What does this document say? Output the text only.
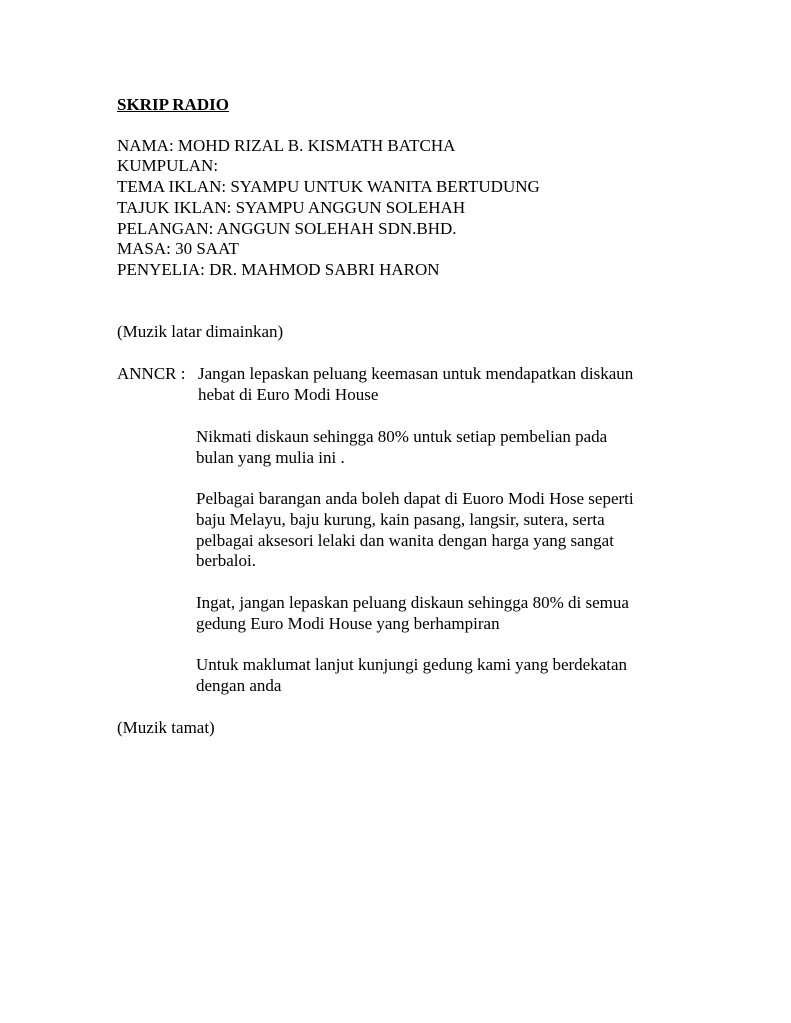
SKRIP RADIO
NAMA: MOHD RIZAL B. KISMATH BATCHA
KUMPULAN:
TEMA IKLAN: SYAMPU UNTUK WANITA BERTUDUNG
TAJUK IKLAN: SYAMPU ANGGUN SOLEHAH
PELANGAN: ANGGUN SOLEHAH SDN.BHD.
MASA: 30 SAAT
PENYELIA: DR. MAHMOD SABRI HARON
(Muzik latar dimainkan)
ANNCR : Jangan lepaskan peluang keemasan untuk mendapatkan diskaun
hebat di Euro Modi House
Nikmati diskaun sehingga 80% untuk setiap pembelian pada
bulan yang mulia ini .
Pelbagai barangan anda boleh dapat di Euoro Modi Hose seperti
baju Melayu, baju kurung, kain pasang, langsir, sutera, serta
pelbagai aksesori lelaki dan wanita dengan harga yang sangat
berbaloi.
Ingat, jangan lepaskan peluang diskaun sehingga 80% di semua
gedung Euro Modi House yang berhampiran
Untuk maklumat lanjut kunjungi gedung kami yang berdekatan
dengan anda
(Muzik tamat)
